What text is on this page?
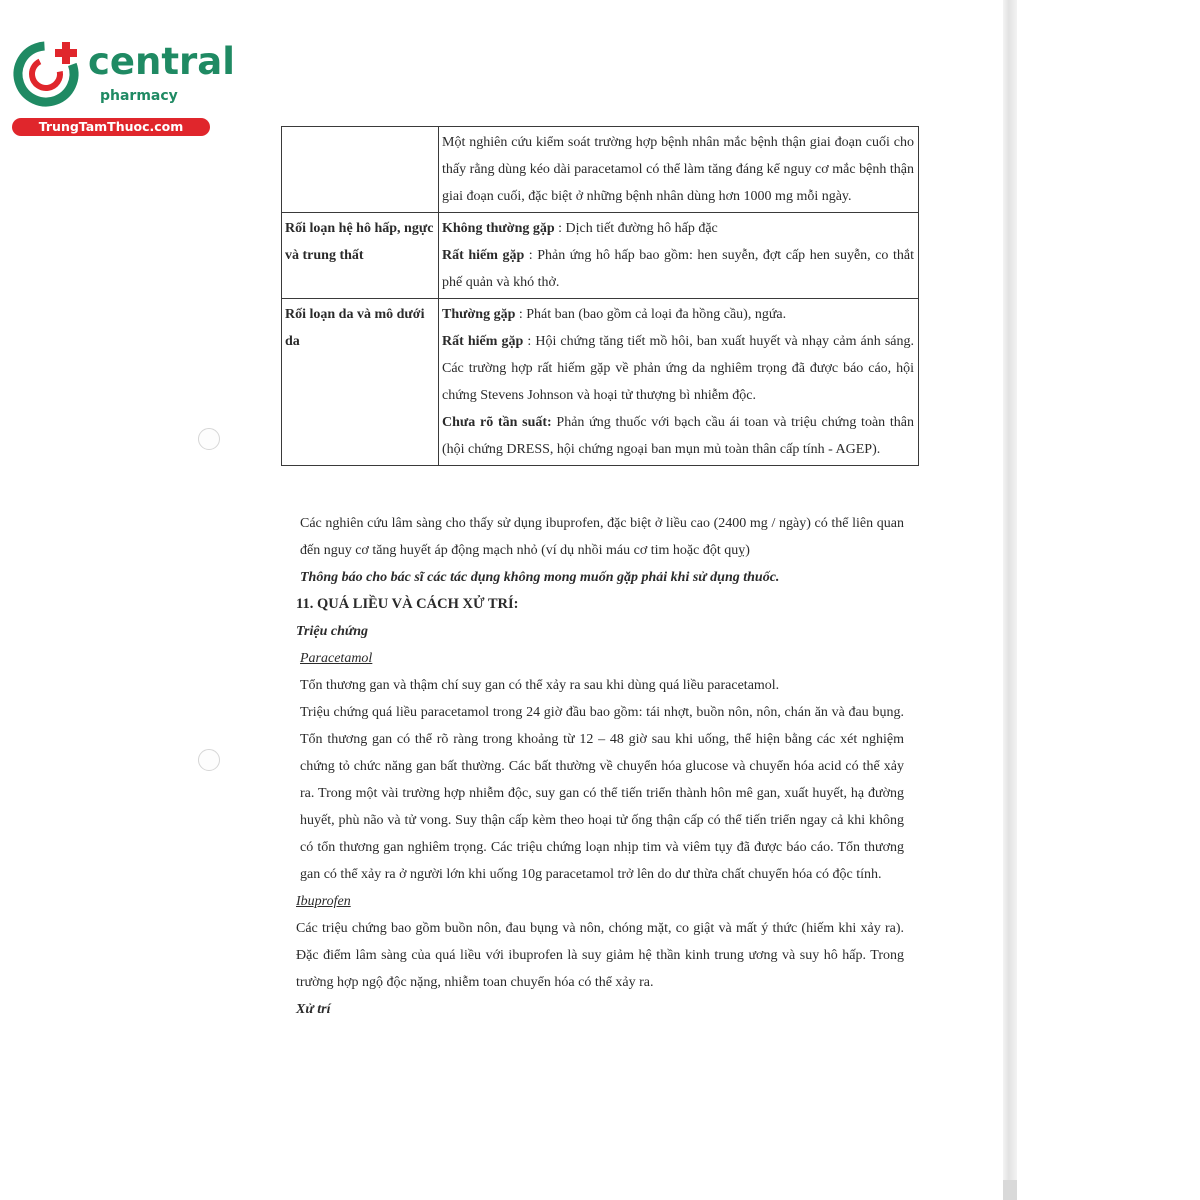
central
pharmacy
TrungTamThuoc.com

	Một nghiên cứu kiểm soát trường hợp bệnh nhân mắc bệnh thận giai đoạn cuối cho thấy rằng dùng kéo dài paracetamol có thể làm tăng đáng kể nguy cơ mắc bệnh thận giai đoạn cuối, đặc biệt ở những bệnh nhân dùng hơn 1000 mg mỗi ngày.

Rối loạn hệ hô hấp, ngực và trung thất	Không thường gặp : Dịch tiết đường hô hấp đặc
Rất hiếm gặp : Phản ứng hô hấp bao gồm: hen suyễn, đợt cấp hen suyễn, co thắt phế quản và khó thở.

Rối loạn da và mô dưới da	Thường gặp : Phát ban (bao gồm cả loại đa hồng cầu), ngứa.
Rất hiếm gặp : Hội chứng tăng tiết mồ hôi, ban xuất huyết và nhạy cảm ánh sáng. Các trường hợp rất hiếm gặp về phản ứng da nghiêm trọng đã được báo cáo, hội chứng Stevens Johnson và hoại tử thượng bì nhiễm độc.
Chưa rõ tần suất: Phản ứng thuốc với bạch cầu ái toan và triệu chứng toàn thân (hội chứng DRESS, hội chứng ngoại ban mụn mủ toàn thân cấp tính - AGEP).

Các nghiên cứu lâm sàng cho thấy sử dụng ibuprofen, đặc biệt ở liều cao (2400 mg / ngày) có thể liên quan đến nguy cơ tăng huyết áp động mạch nhỏ (ví dụ nhồi máu cơ tim hoặc đột quỵ)

Thông báo cho bác sĩ các tác dụng không mong muốn gặp phải khi sử dụng thuốc.

11. QUÁ LIỀU VÀ CÁCH XỬ TRÍ:

Triệu chứng

Paracetamol

Tổn thương gan và thậm chí suy gan có thể xảy ra sau khi dùng quá liều paracetamol.

Triệu chứng quá liều paracetamol trong 24 giờ đầu bao gồm: tái nhợt, buồn nôn, nôn, chán ăn và đau bụng. Tổn thương gan có thể rõ ràng trong khoảng từ 12 – 48 giờ sau khi uống, thể hiện bằng các xét nghiệm chứng tỏ chức năng gan bất thường. Các bất thường về chuyển hóa glucose và chuyển hóa acid có thể xảy ra. Trong một vài trường hợp nhiễm độc, suy gan có thể tiến triển thành hôn mê gan, xuất huyết, hạ đường huyết, phù não và tử vong. Suy thận cấp kèm theo hoại tử ống thận cấp có thể tiến triển ngay cả khi không có tổn thương gan nghiêm trọng. Các triệu chứng loạn nhịp tim và viêm tụy đã được báo cáo. Tổn thương gan có thể xảy ra ở người lớn khi uống 10g paracetamol trở lên do dư thừa chất chuyển hóa có độc tính.

Ibuprofen

Các triệu chứng bao gồm buồn nôn, đau bụng và nôn, chóng mặt, co giật và mất ý thức (hiếm khi xảy ra). Đặc điểm lâm sàng của quá liều với ibuprofen là suy giảm hệ thần kinh trung ương và suy hô hấp. Trong trường hợp ngộ độc nặng, nhiễm toan chuyển hóa có thể xảy ra.

Xử trí
